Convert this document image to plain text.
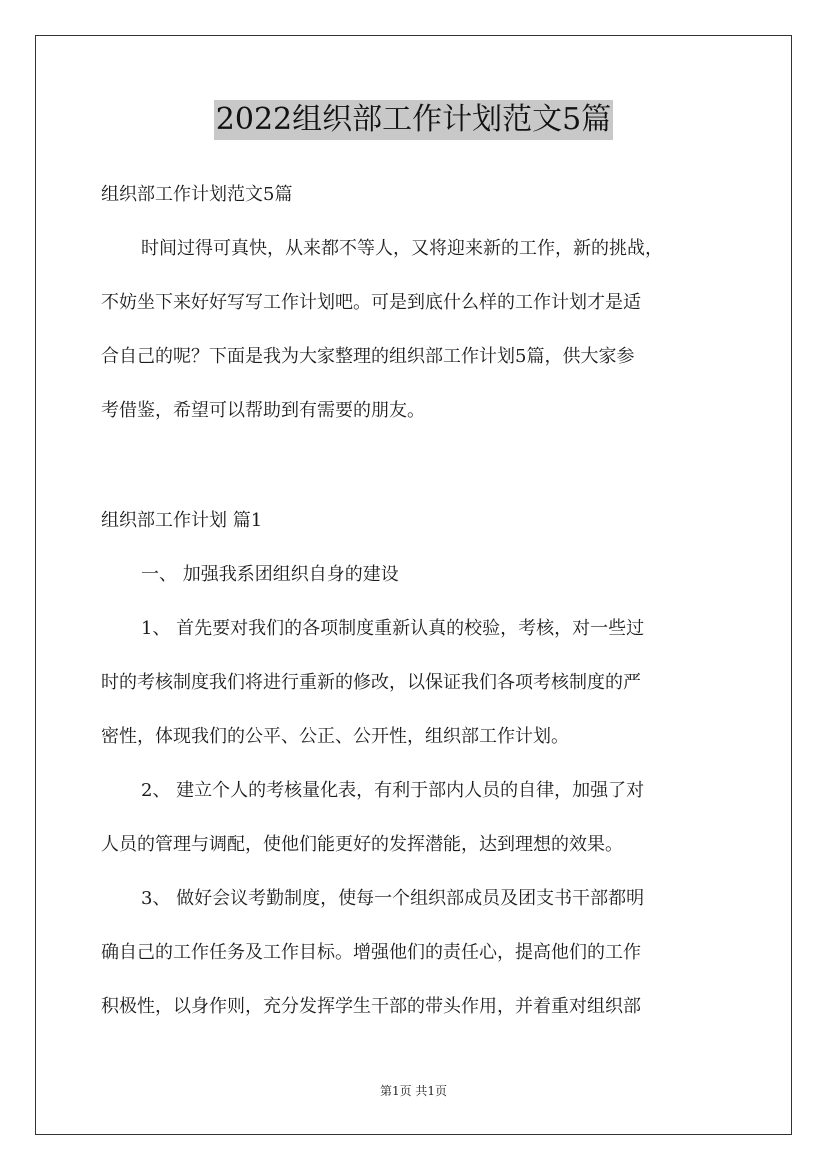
2022组织部工作计划范文5篇
组织部工作计划范文5篇
时间过得可真快，从来都不等人，又将迎来新的工作，新的挑战，
不妨坐下来好好写写工作计划吧。可是到底什么样的工作计划才是适
合自己的呢？下面是我为大家整理的组织部工作计划5篇，供大家参
考借鉴，希望可以帮助到有需要的朋友。
组织部工作计划 篇1
一、 加强我系团组织自身的建设
1、 首先要对我们的各项制度重新认真的校验，考核，对一些过
时的考核制度我们将进行重新的修改，以保证我们各项考核制度的严
密性，体现我们的公平、公正、公开性，组织部工作计划。
2、 建立个人的考核量化表，有利于部内人员的自律，加强了对
人员的管理与调配，使他们能更好的发挥潜能，达到理想的效果。
3、 做好会议考勤制度，使每一个组织部成员及团支书干部都明
确自己的工作任务及工作目标。增强他们的责任心，提高他们的工作
积极性，以身作则，充分发挥学生干部的带头作用，并着重对组织部
第1页 共1页
